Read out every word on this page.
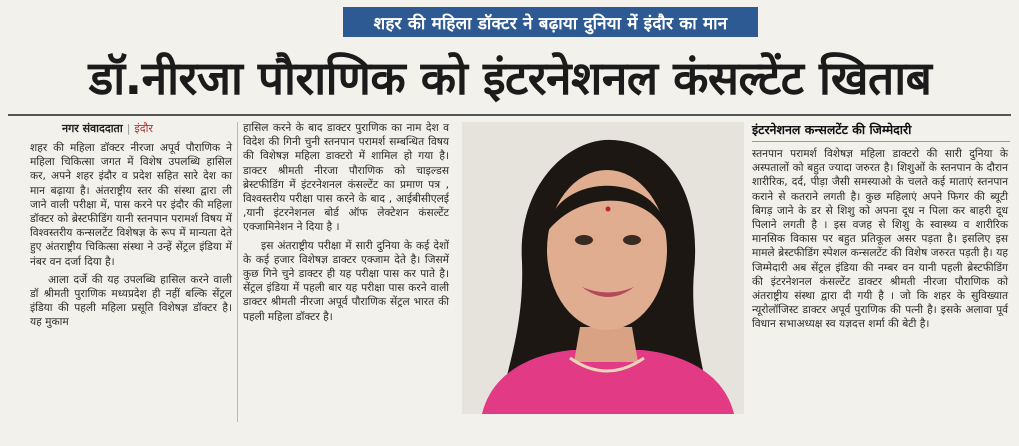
शहर की महिला डॉक्टर ने बढ़ाया दुनिया में इंदौर का मान
डॉ.नीरजा पौराणिक को इंटरनेशनल कंसल्टेंट खिताब
नगर संवाददाता | इंदौर

शहर की महिला डॉक्टर नीरजा अपूर्व पौराणिक ने महिला चिकित्सा जगत में विशेष उपलब्धि हासिल कर, अपने शहर इंदौर व प्रदेश सहित सारे देश का मान बढ़ाया है। अंतराष्ट्रीय स्तर की संस्था द्वारा ली जाने वाली परीक्षा में, पास करने पर इंदौर की महिला डॉक्टर को ब्रेस्टफीडिंग यानी स्तनपान परामर्श विषय में विश्वस्तरीय कन्सलटेंट विशेषज्ञ के रूप में मान्यता देते हुए अंतराष्ट्रीय चिकित्सा संस्था ने उन्हें सेंट्रल इंडिया में नंबर वन दर्जा दिया है।

आला दर्जे की यह उपलब्धि हासिल करने वाली डॉ श्रीमती पुराणिक मध्यप्रदेश ही नहीं बल्कि सेंट्रल इंडिया की पहली महिला प्रसूति विशेषज्ञ डॉक्टर है। यह मुकाम

हासिल करने के बाद डाक्टर पुराणिक का नाम देश व विदेश की गिनी चुनी स्तनपान परामर्श सम्बन्धित विषय की विशेषज्ञ महिला डाक्टरो में शामिल हो गया है।डाक्टर श्रीमती नीरजा पौराणिक को चाइल्डस ब्रेस्टफीडिंग में इंटरनेशनल कंसल्टेंट का प्रमाण पत्र , विश्वस्तरीय परीक्षा पास करने के बाद , आईबीसीएलई ,यानी इंटरनेशनल बोर्ड ऑफ लेक्टेशन कंसल्टेंट एक्जामिनेशन ने दिया है ।

इस अंतराष्ट्रीय परीक्षा में सारी दुनिया के कई देशों के कई हजार विशेषज्ञ डाक्टर एक्जाम देते है। जिसमें कुछ गिने चुने डाक्टर ही यह परीक्षा पास कर पाते है। सेंट्रल इंडिया में पहली बार यह परीक्षा पास करने वाली डाक्टर श्रीमती नीरजा अपूर्व पौराणिक सेंट्रल भारत की पहली महिला डॉक्टर है।

इंटरनेशनल कन्सलटेंट की जिम्मेदारी

स्तनपान परामर्श विशेषज्ञ महिला डाक्टरो की सारी दुनिया के अस्पतालों को बहुत ज्यादा जरुरत है। शिशुओं के स्तनपान के दौरान शारीरिक, दर्द, पीड़ा जैसी समस्याओ के चलते कई माताएं स्तनपान कराने से कतराने लगती है। कुछ महिलाएं अपने फिगर की ब्यूटी बिगड़ जाने के डर से शिशु को अपना दूध न पिला कर बाहरी दूध पिलाने लगती है । इस वजह से शिशु के स्वास्थ्य व शारीरिक मानसिक विकास पर बहुत प्रतिकूल असर पड़ता है। इसलिए इस मामले ब्रेस्टफीडिंग स्पेशल कन्सलटेंट की विशेष जरुरत पड़ती है। यह जिम्मेदारी अब सेंट्रल इंडिया की नम्बर वन यानी पहली ब्रेस्टफीडिंग की इंटरनेशनल कंसल्टेंट डाक्टर श्रीमती नीरजा पौराणिक को अंतराष्ट्रीय संस्था द्वारा दी गयी है । जो कि शहर के सुविख्यात न्यूरोलॉजिस्ट डाक्टर अपूर्व पुराणिक की पत्नी है। इसके अलावा पूर्व विधान सभाअध्यक्ष स्व यज्ञदत्त शर्मा की बेटी है।
